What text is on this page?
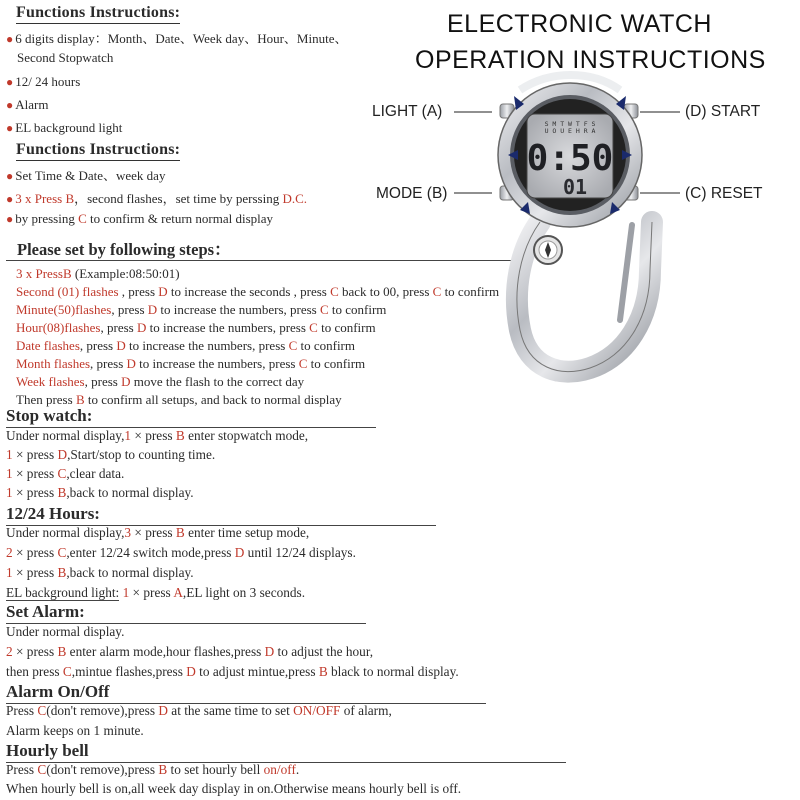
Functions Instructions:
● 6 digits display：Month、Date、Week day、Hour、Minute、
Second Stopwatch
● 12/ 24 hours
● Alarm
● EL background light
Functions Instructions:
● Set Time & Date、week day
● 3 x Press B，second flashes，set time by perssing D.C.
● by pressing C to confirm & return normal display
Please set by following steps：
3 x PressB (Example:08:50:01)
Second (01) flashes , press D to increase the seconds , press C back to 00, press C to confirm
Minute(50)flashes, press D to increase the numbers, press C to confirm
Hour(08)flashes, press D to increase the numbers, press C to confirm
Date flashes, press D to increase the numbers, press C to confirm
Month flashes, press D to increase the numbers, press C to confirm
Week flashes, press D move the flash to the correct day
Then press B to confirm all setups, and back to normal display
Stop watch:
Under normal display,1 × press B enter stopwatch mode,
1 × press D,Start/stop to counting time.
1 × press C,clear data.
1 × press B,back to normal display.
12/24 Hours:
Under normal display,3 × press B enter time setup mode,
2 × press C,enter 12/24 switch mode,press D until 12/24 displays.
1 × press B,back to normal display.
EL background light: 1 × press A,EL light on 3 seconds.
Set Alarm:
Under normal display.
2 × press B enter alarm mode,hour flashes,press D to adjust the hour,
then press C,mintue flashes,press D to adjust mintue,press B black to normal display.
Alarm On/Off
Press C(don't remove),press D at the same time to set ON/OFF of alarm,
Alarm keeps on 1 minute.
Hourly bell
Press C(don't remove),press B to set hourly bell on/off.
When hourly bell is on,all week day display in on.Otherwise means hourly bell is off.
ELECTRONIC WATCH
OPERATION INSTRUCTIONS
LIGHT (A)
MODE (B)
(D) START
(C) RESET
S M T W T F S
U O U E H R A
0:50
01
